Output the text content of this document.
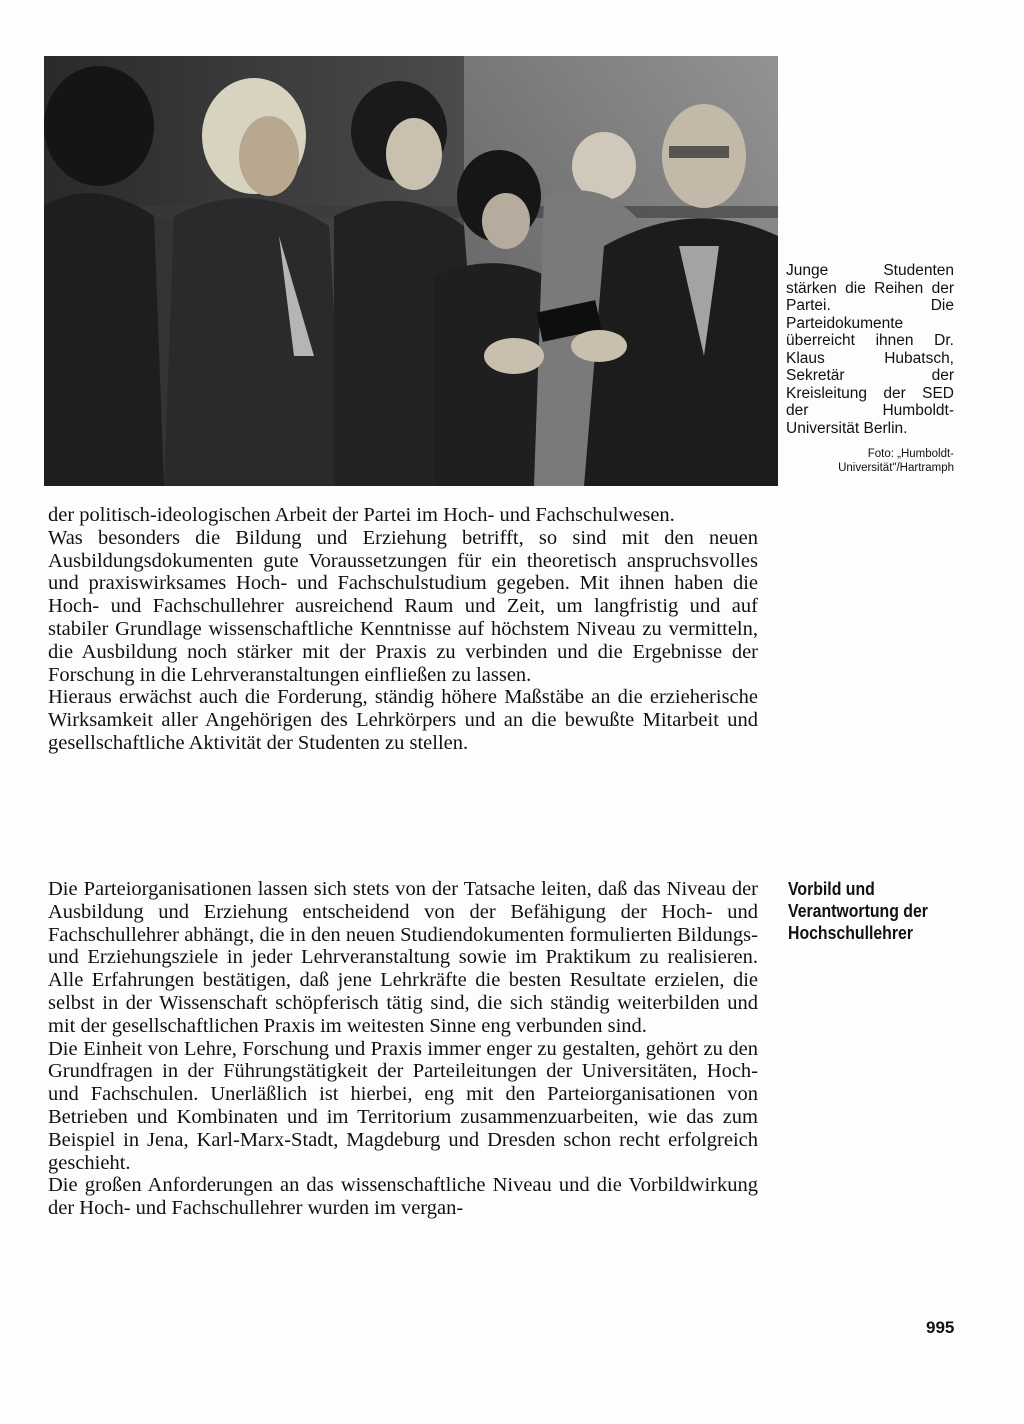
Junge Studenten stärken die Reihen der Partei. Die Parteidokumente überreicht ihnen Dr. Klaus Hubatsch, Sekretär der Kreisleitung der SED der Humboldt-Universität Berlin.
Foto: „Humboldt-Universität"/Hartramph

der politisch-ideologischen Arbeit der Partei im Hoch- und Fachschulwesen.

Was besonders die Bildung und Erziehung betrifft, so sind mit den neuen Ausbildungsdokumenten gute Voraussetzungen für ein theoretisch anspruchsvolles und praxiswirksames Hoch- und Fachschulstudium gegeben. Mit ihnen haben die Hoch- und Fachschullehrer ausreichend Raum und Zeit, um langfristig und auf stabiler Grundlage wissenschaftliche Kenntnisse auf höchstem Niveau zu vermitteln, die Ausbildung noch stärker mit der Praxis zu verbinden und die Ergebnisse der Forschung in die Lehrveranstaltungen einfließen zu lassen.

Hieraus erwächst auch die Forderung, ständig höhere Maßstäbe an die erzieherische Wirksamkeit aller Angehörigen des Lehrkörpers und an die bewußte Mitarbeit und gesellschaftliche Aktivität der Studenten zu stellen.

Vorbild und
Verantwortung der
Hochschullehrer

Die Parteiorganisationen lassen sich stets von der Tatsache leiten, daß das Niveau der Ausbildung und Erziehung entscheidend von der Befähigung der Hoch- und Fachschullehrer abhängt, die in den neuen Studiendokumenten formulierten Bildungs- und Erziehungsziele in jeder Lehrveranstaltung sowie im Praktikum zu realisieren. Alle Erfahrungen bestätigen, daß jene Lehrkräfte die besten Resultate erzielen, die selbst in der Wissenschaft schöpferisch tätig sind, die sich ständig weiterbilden und mit der gesellschaftlichen Praxis im weitesten Sinne eng verbunden sind.

Die Einheit von Lehre, Forschung und Praxis immer enger zu gestalten, gehört zu den Grundfragen in der Führungstätigkeit der Parteileitungen der Universitäten, Hoch- und Fachschulen. Unerläßlich ist hierbei, eng mit den Parteiorganisationen von Betrieben und Kombinaten und im Territorium zusammenzuarbeiten, wie das zum Beispiel in Jena, Karl-Marx-Stadt, Magdeburg und Dresden schon recht erfolgreich geschieht.

Die großen Anforderungen an das wissenschaftliche Niveau und die Vorbildwirkung der Hoch- und Fachschullehrer wurden im vergan-

995
